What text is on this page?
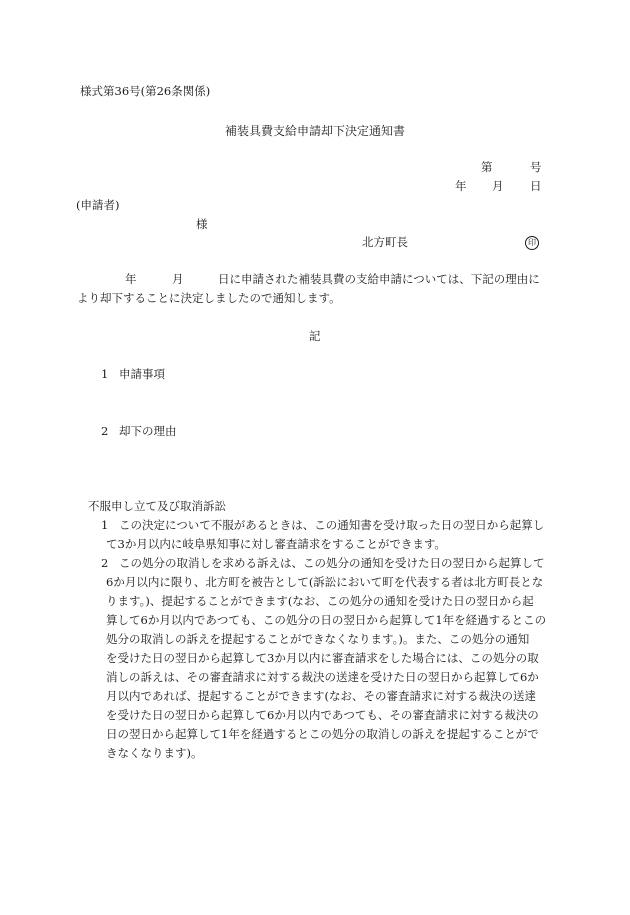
様式第36号(第26条関係)
補装具費支給申請却下決定通知書
第	号
年 月 日
(申請者)
様
北方町長	印
年	月	日に申請された補装具費の支給申請については、下記の理由に
より却下することに決定しましたので通知します。
記
1 申請事項
2 却下の理由
不服申し立て及び取消訴訟
1 この決定について不服があるときは、この通知書を受け取った日の翌日から起算し
て3か月以内に岐阜県知事に対し審査請求をすることができます。
2 この処分の取消しを求める訴えは、この処分の通知を受けた日の翌日から起算して
6か月以内に限り、北方町を被告として(訴訟において町を代表する者は北方町長とな
ります。)、提起することができます(なお、この処分の通知を受けた日の翌日から起
算して6か月以内であつても、この処分の日の翌日から起算して1年を経過するとこの
処分の取消しの訴えを提起することができなくなります。)。また、この処分の通知
を受けた日の翌日から起算して3か月以内に審査請求をした場合には、この処分の取
消しの訴えは、その審査請求に対する裁決の送達を受けた日の翌日から起算して6か
月以内であれば、提起することができます(なお、その審査請求に対する裁決の送達
を受けた日の翌日から起算して6か月以内であつても、その審査請求に対する裁決の
日の翌日から起算して1年を経過するとこの処分の取消しの訴えを提起することがで
きなくなります)。
